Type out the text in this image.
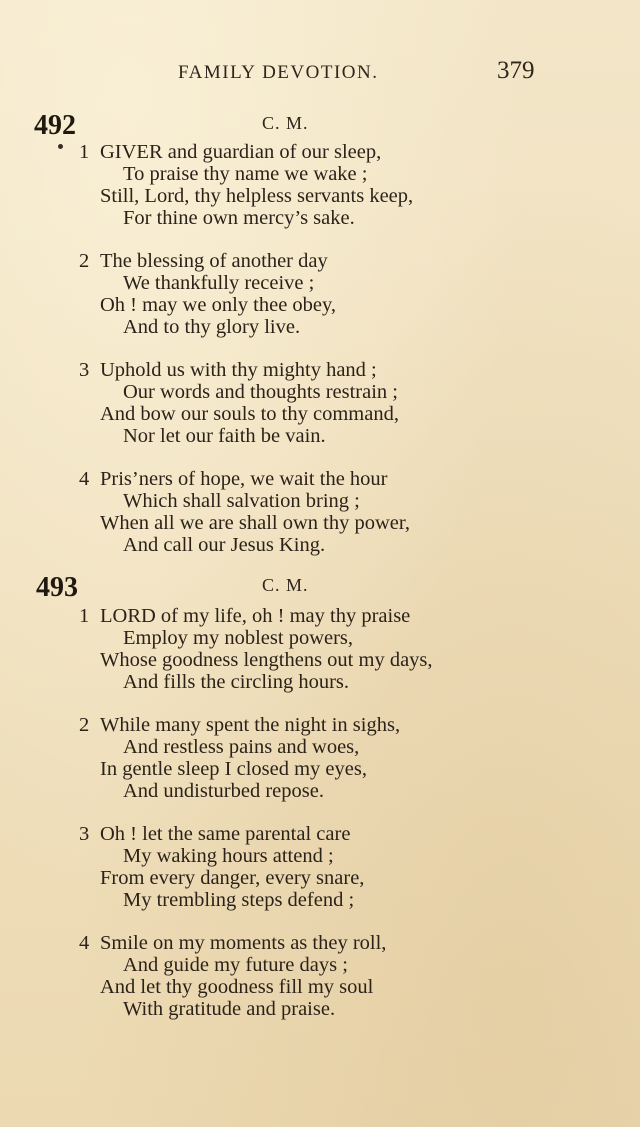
FAMILY DEVOTION.	379
492	C. M.
1 GIVER and guardian of our sleep,
To praise thy name we wake ;
Still, Lord, thy helpless servants keep,
For thine own mercy’s sake.
2 The blessing of another day
We thankfully receive ;
Oh ! may we only thee obey,
And to thy glory live.
3 Uphold us with thy mighty hand ;
Our words and thoughts restrain ;
And bow our souls to thy command,
Nor let our faith be vain.
4 Pris’ners of hope, we wait the hour
Which shall salvation bring ;
When all we are shall own thy power,
And call our Jesus King.
493	C. M.
1 LORD of my life, oh ! may thy praise
Employ my noblest powers,
Whose goodness lengthens out my days,
And fills the circling hours.
2 While many spent the night in sighs,
And restless pains and woes,
In gentle sleep I closed my eyes,
And undisturbed repose.
3 Oh ! let the same parental care
My waking hours attend ;
From every danger, every snare,
My trembling steps defend ;
4 Smile on my moments as they roll,
And guide my future days ;
And let thy goodness fill my soul
With gratitude and praise.
